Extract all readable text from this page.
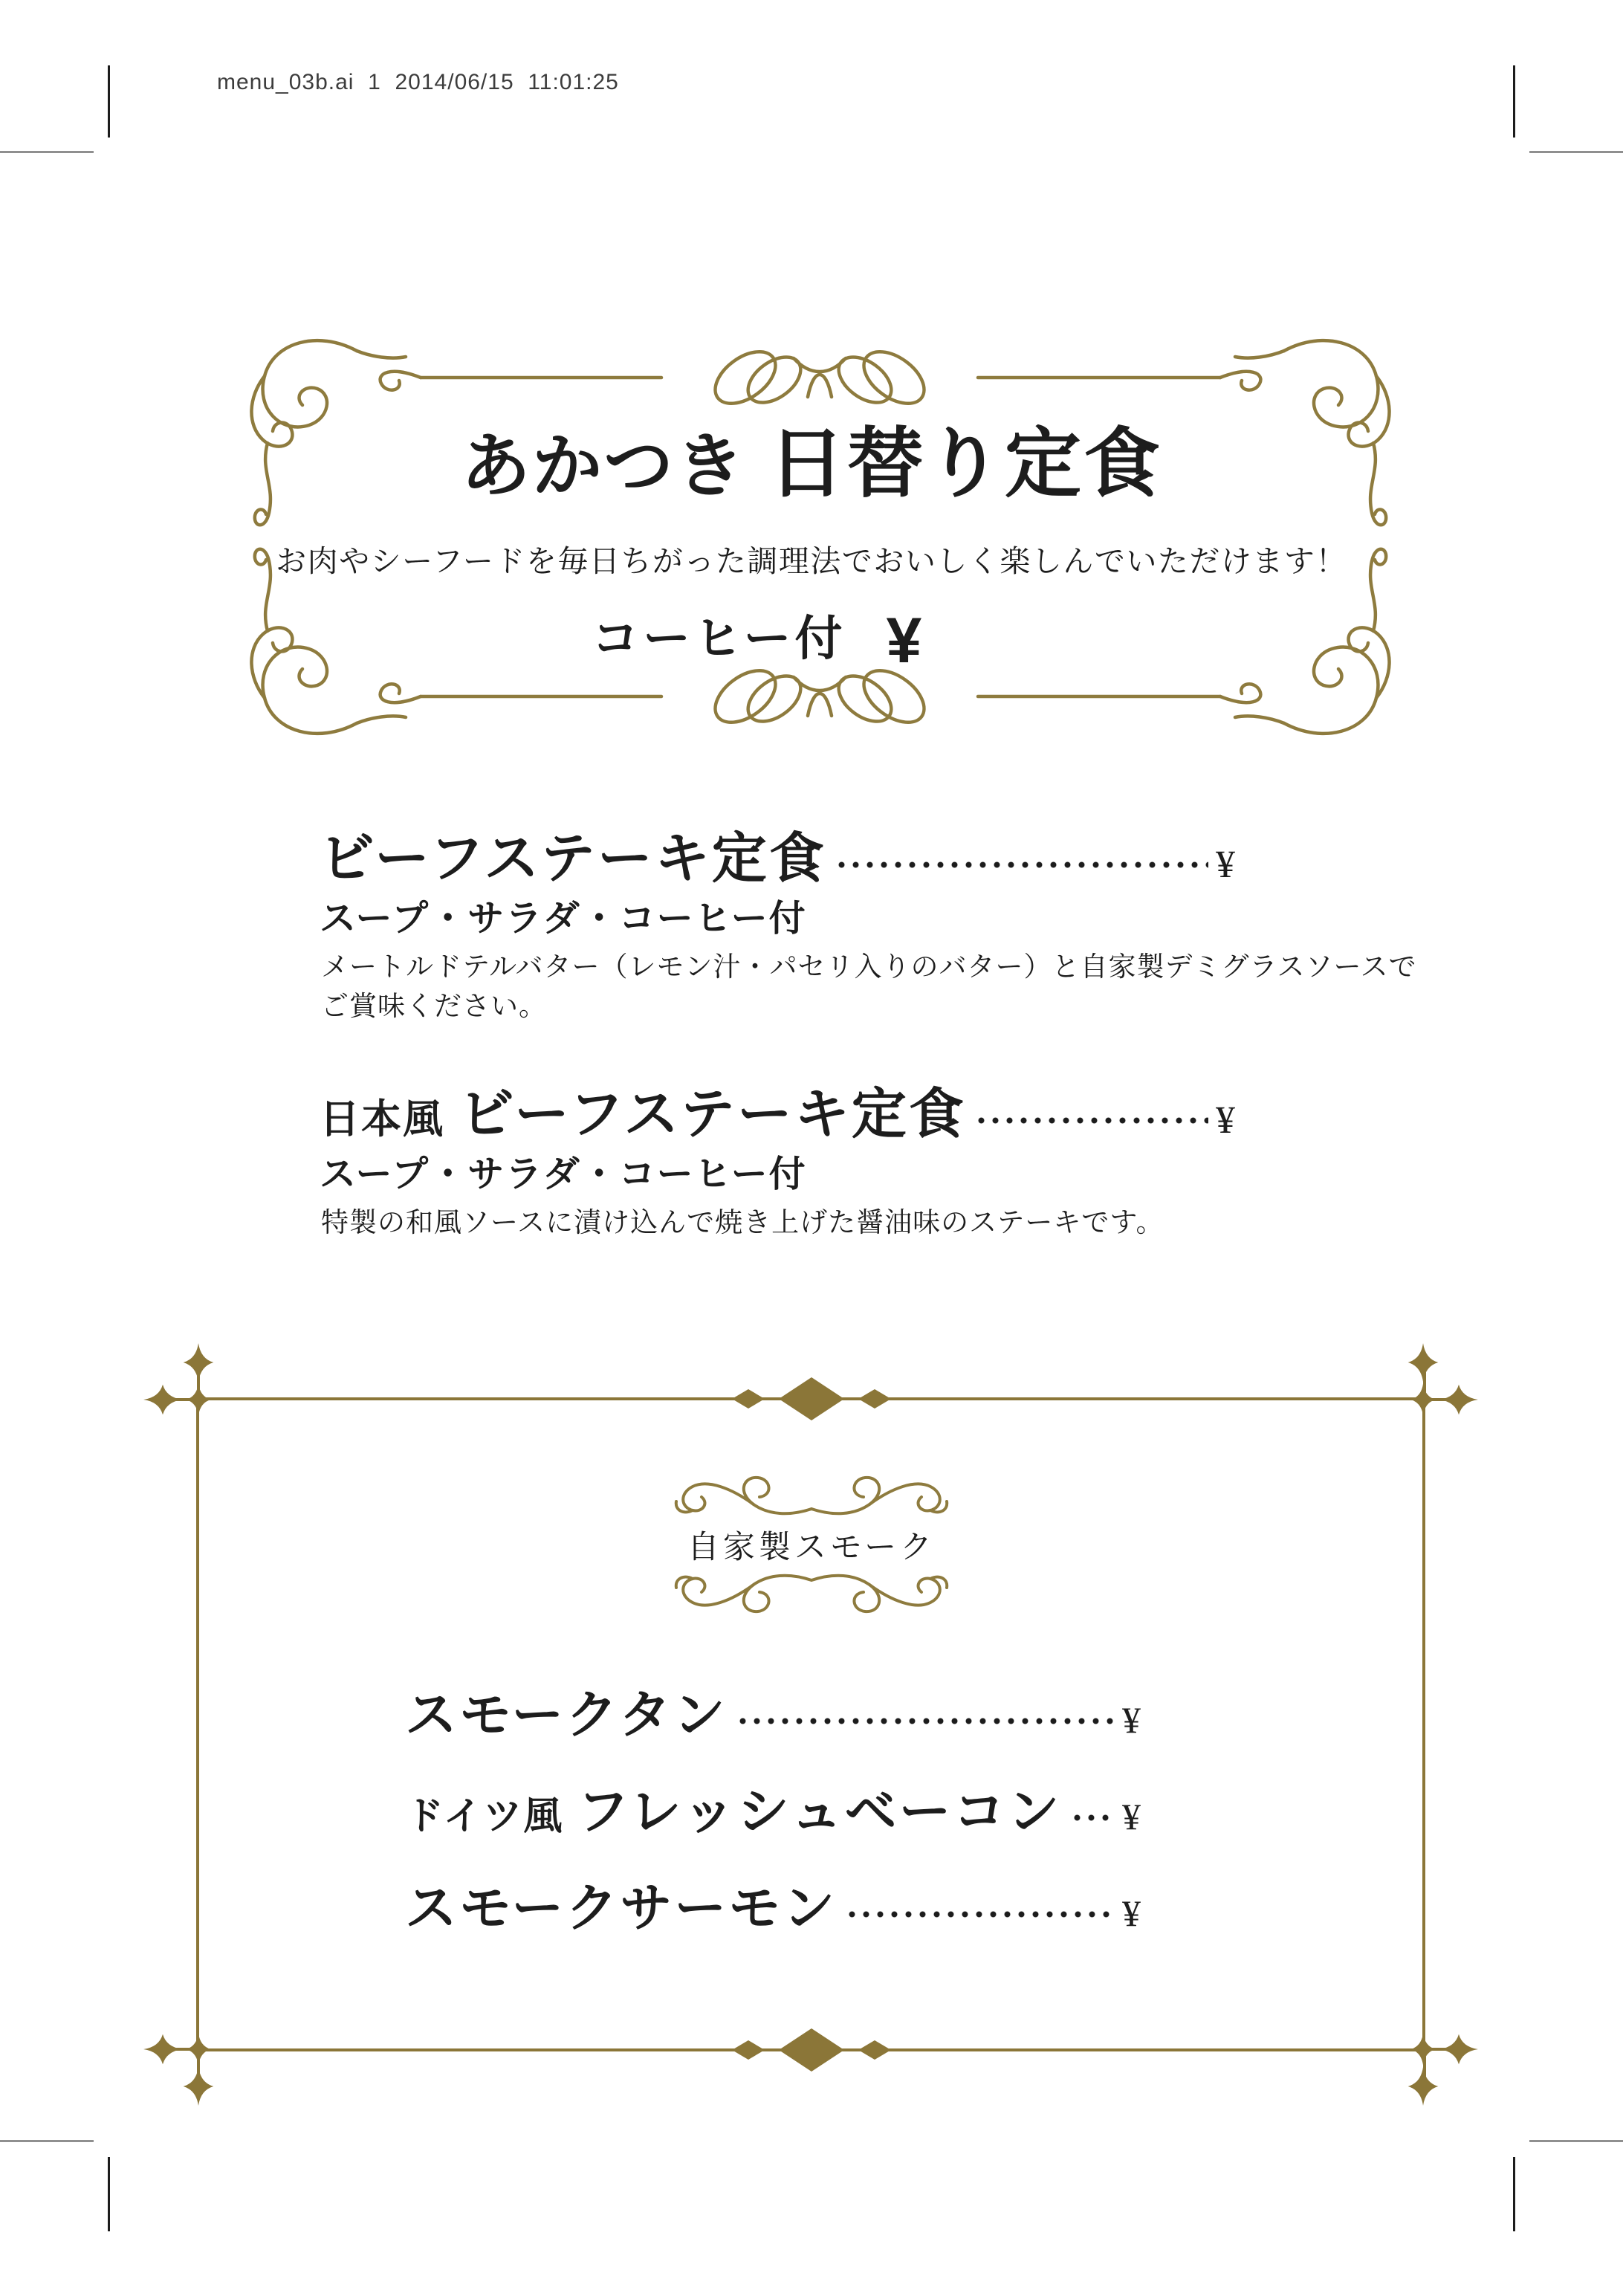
menu_03b.ai  1  2014/06/15  11:01:25
あかつき 日替り定食
お肉やシーフードを毎日ちがった調理法でおいしく楽しんでいただけます！
コーヒー付 ¥
ビーフステーキ定食	¥
スープ・サラダ・コーヒー付
メートルドテルバター（レモン汁・パセリ入りのバター）と自家製デミグラスソースで
ご賞味ください。
日本風 ビーフステーキ定食	¥
スープ・サラダ・コーヒー付
特製の和風ソースに漬け込んで焼き上げた醤油味のステーキです。
自家製スモーク
スモークタン	¥
ドイツ風 フレッシュベーコン ¥
スモークサーモン	¥
